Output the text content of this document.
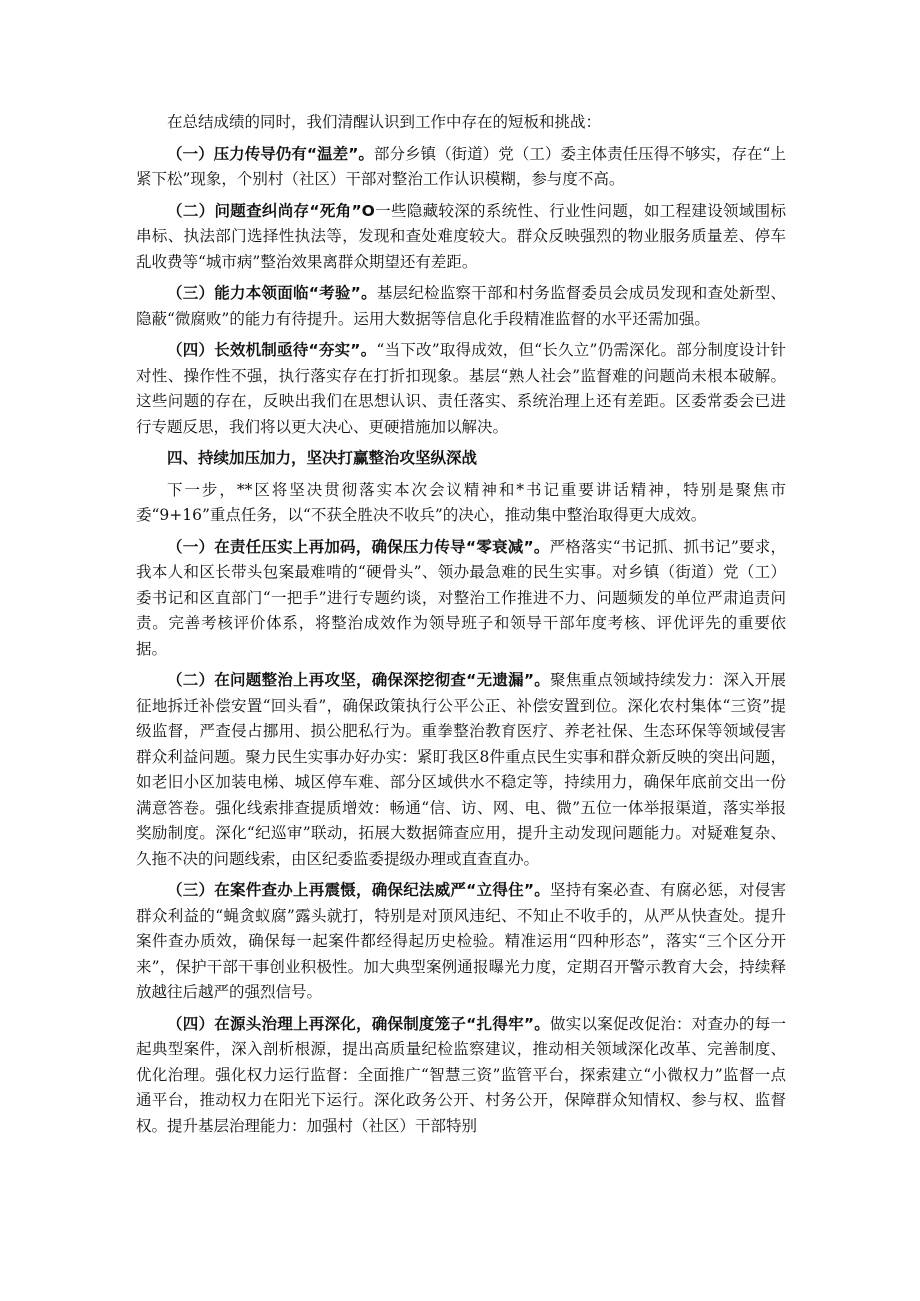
在总结成绩的同时，我们清醒认识到工作中存在的短板和挑战：

（一）压力传导仍有“温差”。部分乡镇（街道）党（工）委主体责任压得不够实，存在“上紧下松”现象，个别村（社区）干部对整治工作认识模糊，参与度不高。

（二）问题查纠尚存“死角”O一些隐藏较深的系统性、行业性问题，如工程建设领域围标串标、执法部门选择性执法等，发现和查处难度较大。群众反映强烈的物业服务质量差、停车乱收费等“城市病”整治效果离群众期望还有差距。

（三）能力本领面临“考验”。基层纪检监察干部和村务监督委员会成员发现和查处新型、隐蔽“微腐败”的能力有待提升。运用大数据等信息化手段精准监督的水平还需加强。

（四）长效机制亟待“夯实”。“当下改”取得成效，但“长久立”仍需深化。部分制度设计针对性、操作性不强，执行落实存在打折扣现象。基层“熟人社会”监督难的问题尚未根本破解。这些问题的存在，反映出我们在思想认识、责任落实、系统治理上还有差距。区委常委会已进行专题反思，我们将以更大决心、更硬措施加以解决。

四、持续加压加力，坚决打赢整治攻坚纵深战

下一步，**区将坚决贯彻落实本次会议精神和*书记重要讲话精神，特别是聚焦市委“9+16”重点任务，以“不获全胜决不收兵”的决心，推动集中整治取得更大成效。

（一）在责任压实上再加码，确保压力传导“零衰减”。严格落实“书记抓、抓书记”要求，我本人和区长带头包案最难啃的“硬骨头”、领办最急难的民生实事。对乡镇（街道）党（工）委书记和区直部门“一把手”进行专题约谈，对整治工作推进不力、问题频发的单位严肃追责问责。完善考核评价体系，将整治成效作为领导班子和领导干部年度考核、评优评先的重要依据。

（二）在问题整治上再攻坚，确保深挖彻查“无遗漏”。聚焦重点领域持续发力：深入开展征地拆迁补偿安置“回头看”，确保政策执行公平公正、补偿安置到位。深化农村集体“三资”提级监督，严查侵占挪用、损公肥私行为。重拳整治教育医疗、养老社保、生态环保等领域侵害群众利益问题。聚力民生实事办好办实：紧盯我区8件重点民生实事和群众新反映的突出问题，如老旧小区加装电梯、城区停车难、部分区域供水不稳定等，持续用力，确保年底前交出一份满意答卷。强化线索排查提质增效：畅通“信、访、网、电、微”五位一体举报渠道，落实举报奖励制度。深化“纪巡审”联动，拓展大数据筛查应用，提升主动发现问题能力。对疑难复杂、久拖不决的问题线索，由区纪委监委提级办理或直查直办。

（三）在案件查办上再震慑，确保纪法威严“立得住”。坚持有案必查、有腐必惩，对侵害群众利益的“蝇贪蚁腐”露头就打，特别是对顶风违纪、不知止不收手的，从严从快查处。提升案件查办质效，确保每一起案件都经得起历史检验。精准运用“四种形态”，落实“三个区分开来”，保护干部干事创业积极性。加大典型案例通报曝光力度，定期召开警示教育大会，持续释放越往后越严的强烈信号。

（四）在源头治理上再深化，确保制度笼子“扎得牢”。做实以案促改促治：对查办的每一起典型案件，深入剖析根源，提出高质量纪检监察建议，推动相关领域深化改革、完善制度、优化治理。强化权力运行监督：全面推广“智慧三资”监管平台，探索建立“小微权力”监督一点通平台，推动权力在阳光下运行。深化政务公开、村务公开，保障群众知情权、参与权、监督权。提升基层治理能力：加强村（社区）干部特别
